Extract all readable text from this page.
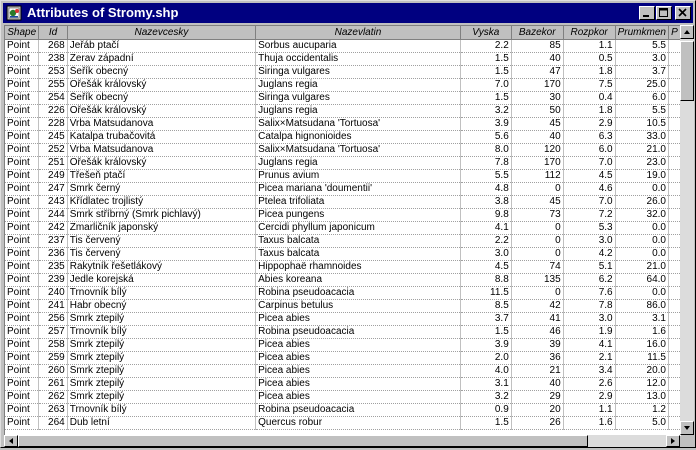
Attributes of Stromy.shp
Shape	Id	Nazevcesky	Nazevlatin	Vyska	Bazekor	Rozpkor	Prumkmen	P
Point	268	Jeřáb ptačí	Sorbus aucuparia	2.2	85	1.1	5.5	
Point	238	Zerav západní	Thuja occidentalis	1.5	40	0.5	3.0	
Point	253	Šeřík obecný	Siringa vulgares	1.5	47	1.8	3.7	
Point	255	Ořešák královský	Juglans regia	7.0	170	7.5	25.0	
Point	254	Šeřík obecný	Siringa vulgares	1.5	30	0.4	6.0	
Point	226	Ořešák královský	Juglans regia	3.2	50	1.8	5.5	
Point	228	Vrba Matsudanova	Salix×Matsudana 'Tortuosa'	3.9	45	2.9	10.5	
Point	245	Katalpa trubačovitá	Catalpa hignonioides	5.6	40	6.3	33.0	
Point	252	Vrba Matsudanova	Salix×Matsudana 'Tortuosa'	8.0	120	6.0	21.0	
Point	251	Ořešák královský	Juglans regia	7.8	170	7.0	23.0	
Point	249	Třešeň ptačí	Prunus avium	5.5	112	4.5	19.0	
Point	247	Smrk černý	Picea mariana 'doumentii'	4.8	0	4.6	0.0	
Point	243	Křídlatec trojlistý	Ptelea trifoliata	3.8	45	7.0	26.0	
Point	244	Smrk stříbrný (Smrk pichlavý)	Picea pungens	9.8	73	7.2	32.0	
Point	242	Zmarličník japonský	Cercidi phyllum japonicum	4.1	0	5.3	0.0	
Point	237	Tis červený	Taxus balcata	2.2	0	3.0	0.0	
Point	236	Tis červený	Taxus balcata	3.0	0	4.2	0.0	
Point	235	Rakytník řešetlákový	Hippophaë rhamnoides	4.5	74	5.1	21.0	
Point	239	Jedle korejská	Abies koreana	8.8	135	6.2	64.0	
Point	240	Trnovník bílý	Robina pseudoacacia	11.5	0	7.6	0.0	
Point	241	Habr obecný	Carpinus betulus	8.5	42	7.8	86.0	
Point	256	Smrk ztepilý	Picea abies	3.7	41	3.0	3.1	
Point	257	Trnovník bílý	Robina pseudoacacia	1.5	46	1.9	1.6	
Point	258	Smrk ztepilý	Picea abies	3.9	39	4.1	16.0	
Point	259	Smrk ztepilý	Picea abies	2.0	36	2.1	11.5	
Point	260	Smrk ztepilý	Picea abies	4.0	21	3.4	20.0	
Point	261	Smrk ztepilý	Picea abies	3.1	40	2.6	12.0	
Point	262	Smrk ztepilý	Picea abies	3.2	29	2.9	13.0	
Point	263	Trnovník bílý	Robina pseudoacacia	0.9	20	1.1	1.2	
Point	264	Dub letní	Quercus robur	1.5	26	1.6	5.0	
